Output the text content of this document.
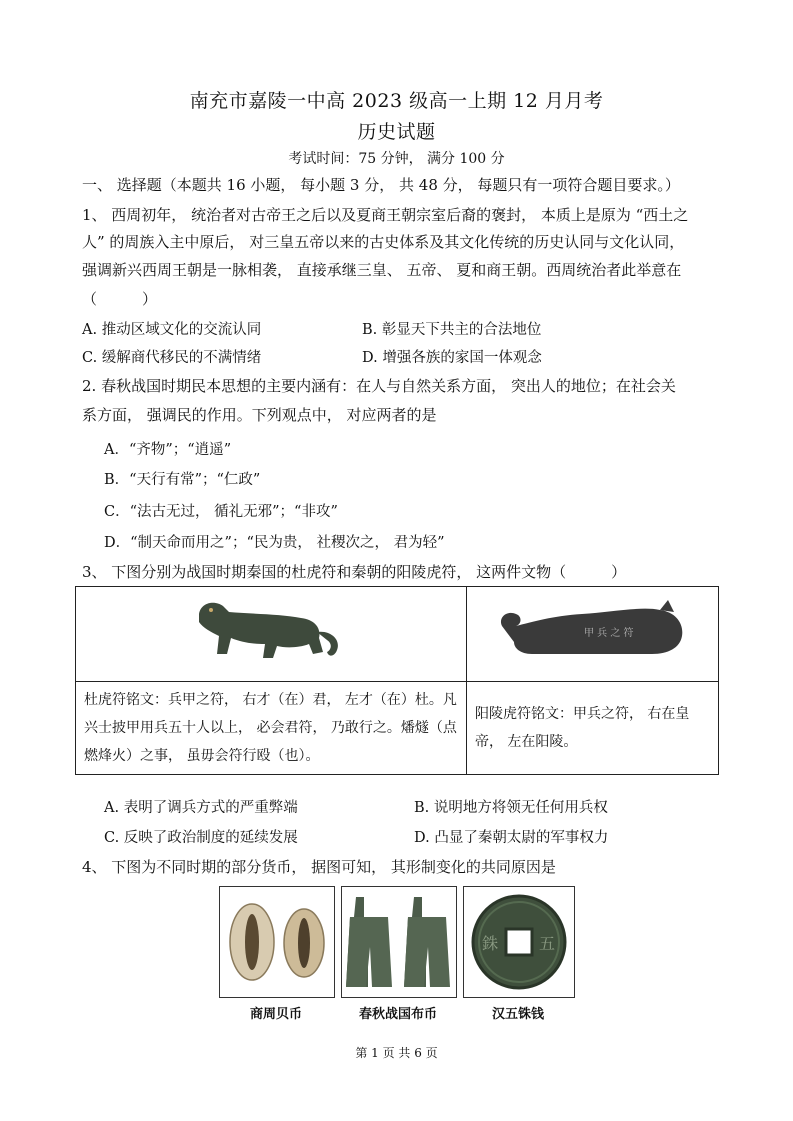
南充市嘉陵一中高 2023 级高一上期 12 月月考
历史试题
考试时间：75 分钟， 满分 100 分
一、 选择题（本题共 16 小题， 每小题 3 分， 共 48 分， 每题只有一项符合题目要求。）
1、 西周初年， 统治者对古帝王之后以及夏商王朝宗室后裔的褒封， 本质上是原为 “西土之
人” 的周族入主中原后， 对三皇五帝以来的古史体系及其文化传统的历史认同与文化认同，
强调新兴西周王朝是一脉相袭， 直接承继三皇、 五帝、 夏和商王朝。西周统治者此举意在
（　　　）
A. 推动区域文化的交流认同	B. 彰显天下共主的合法地位
C. 缓解商代移民的不满情绪	D. 增强各族的家国一体观念
2. 春秋战国时期民本思想的主要内涵有：在人与自然关系方面， 突出人的地位；在社会关
系方面， 强调民的作用。下列观点中， 对应两者的是
A．“齐物”；“逍遥”
B．“天行有常”；“仁政”
C．“法古无过， 循礼无邪”；“非攻”
D．“制天命而用之”；“民为贵， 社稷次之， 君为轻”
3、 下图分别为战国时期秦国的杜虎符和秦朝的阳陵虎符， 这两件文物（　　　）

甲 兵 之 符

杜虎符铭文：兵甲之符， 右才（在）君， 左才（在）杜。凡兴士披甲用兵五十人以上， 必会君符， 乃敢行之。燔燧（点燃烽火）之事， 虽毋会符行殴（也）。	阳陵虎符铭文：甲兵之符， 右在皇帝， 左在阳陵。
A. 表明了调兵方式的严重弊端	B. 说明地方将领无任何用兵权
C. 反映了政治制度的延续发展	D. 凸显了秦朝太尉的军事权力
4、 下图为不同时期的部分货币， 据图可知， 其形制变化的共同原因是
五
銖
商周贝币	春秋战国布币	汉五铢钱
第 1 页 共 6 页
